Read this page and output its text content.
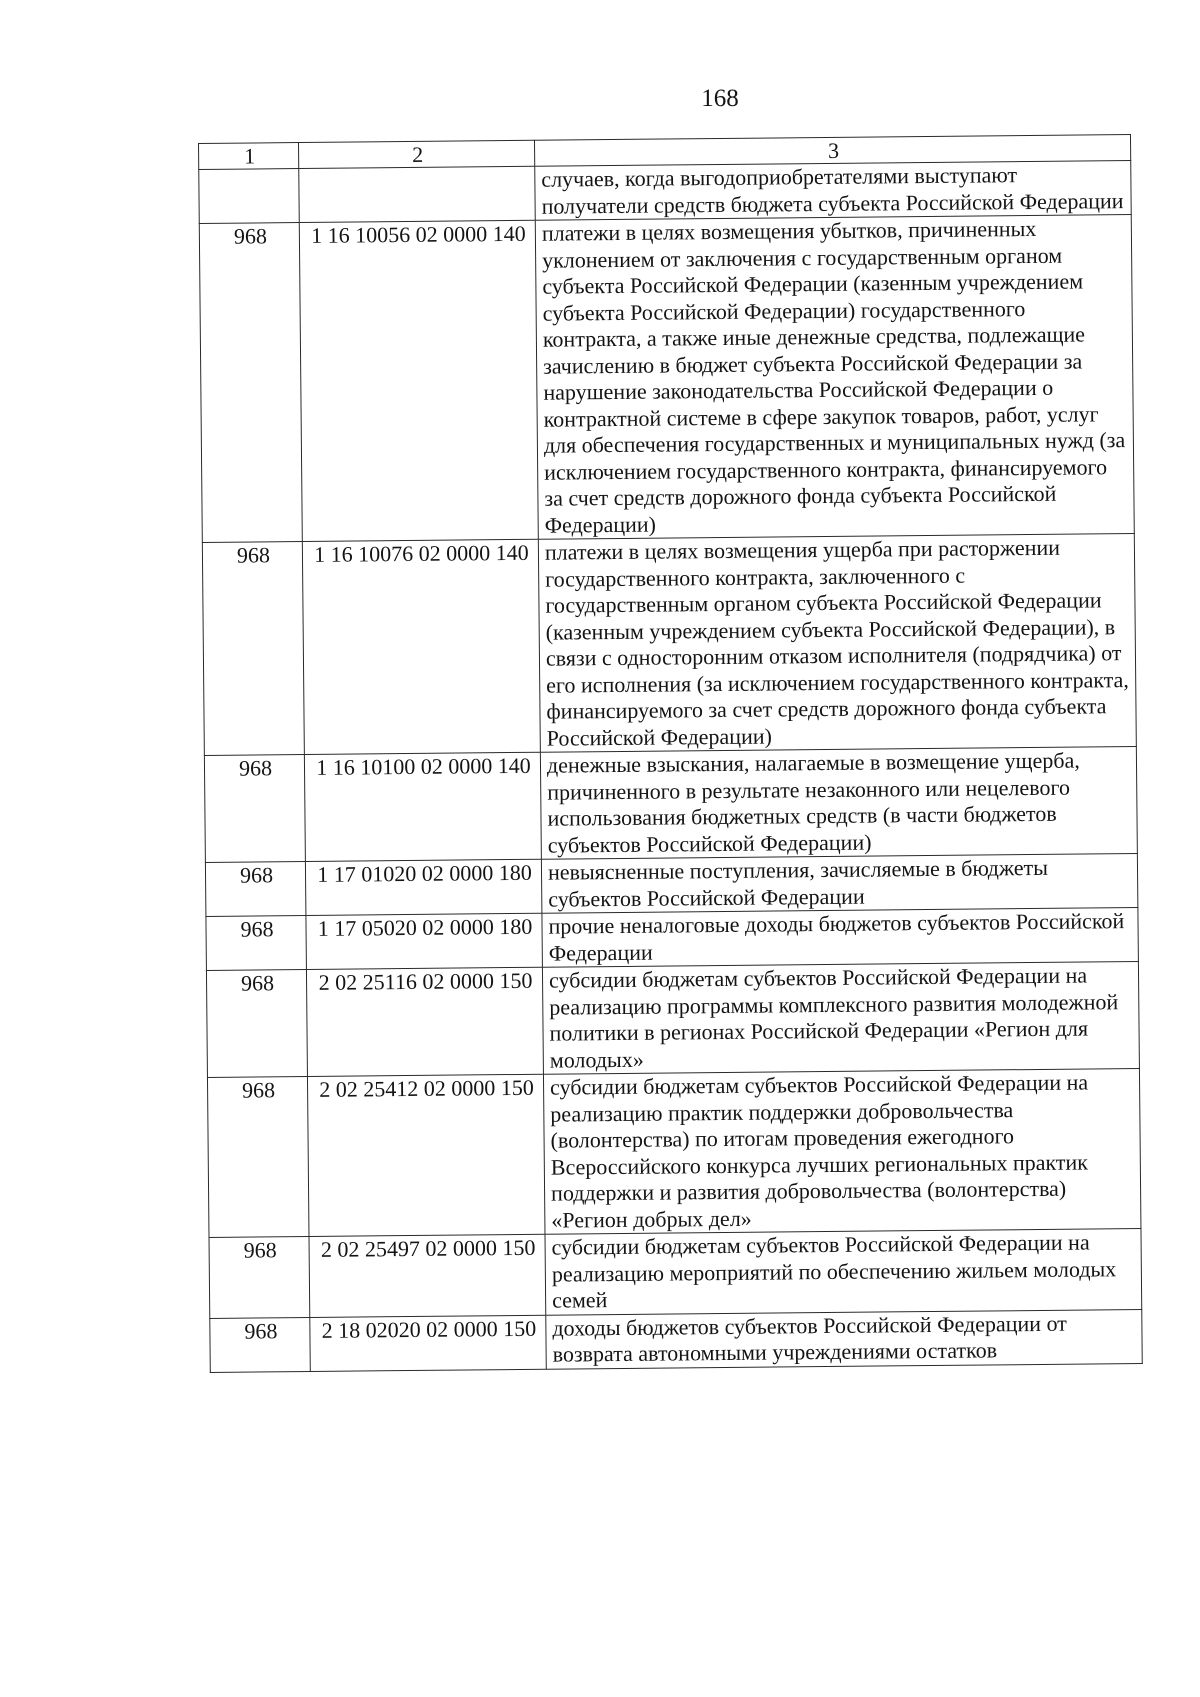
168
1	2	3
		случаев, когда выгодоприобретателями выступают получатели средств бюджета субъекта Российской Федерации
968	1 16 10056 02 0000 140	платежи в целях возмещения убытков, причиненных уклонением от заключения с государственным органом субъекта Российской Федерации (казенным учреждением субъекта Российской Федерации) государственного контракта, а также иные денежные средства, подлежащие зачислению в бюджет субъекта Российской Федерации за нарушение законодательства Российской Федерации о контрактной системе в сфере закупок товаров, работ, услуг для обеспечения государственных и муниципальных нужд (за исключением государственного контракта, финансируемого за счет средств дорожного фонда субъекта Российской Федерации)
968	1 16 10076 02 0000 140	платежи в целях возмещения ущерба при расторжении государственного контракта, заключенного с государственным органом субъекта Российской Федерации (казенным учреждением субъекта Российской Федерации), в связи с односторонним отказом исполнителя (подрядчика) от его исполнения (за исключением государственного контракта, финансируемого за счет средств дорожного фонда субъекта Российской Федерации)
968	1 16 10100 02 0000 140	денежные взыскания, налагаемые в возмещение ущерба, причиненного в результате незаконного или нецелевого использования бюджетных средств (в части бюджетов субъектов Российской Федерации)
968	1 17 01020 02 0000 180	невыясненные поступления, зачисляемые в бюджеты субъектов Российской Федерации
968	1 17 05020 02 0000 180	прочие неналоговые доходы бюджетов субъектов Российской Федерации
968	2 02 25116 02 0000 150	субсидии бюджетам субъектов Российской Федерации на реализацию программы комплексного развития молодежной политики в регионах Российской Федерации «Регион для молодых»
968	2 02 25412 02 0000 150	субсидии бюджетам субъектов Российской Федерации на реализацию практик поддержки добровольчества (волонтерства) по итогам проведения ежегодного Всероссийского конкурса лучших региональных практик поддержки и развития добровольчества (волонтерства) «Регион добрых дел»
968	2 02 25497 02 0000 150	субсидии бюджетам субъектов Российской Федерации на реализацию мероприятий по обеспечению жильем молодых семей
968	2 18 02020 02 0000 150	доходы бюджетов субъектов Российской Федерации от возврата автономными учреждениями остатков
